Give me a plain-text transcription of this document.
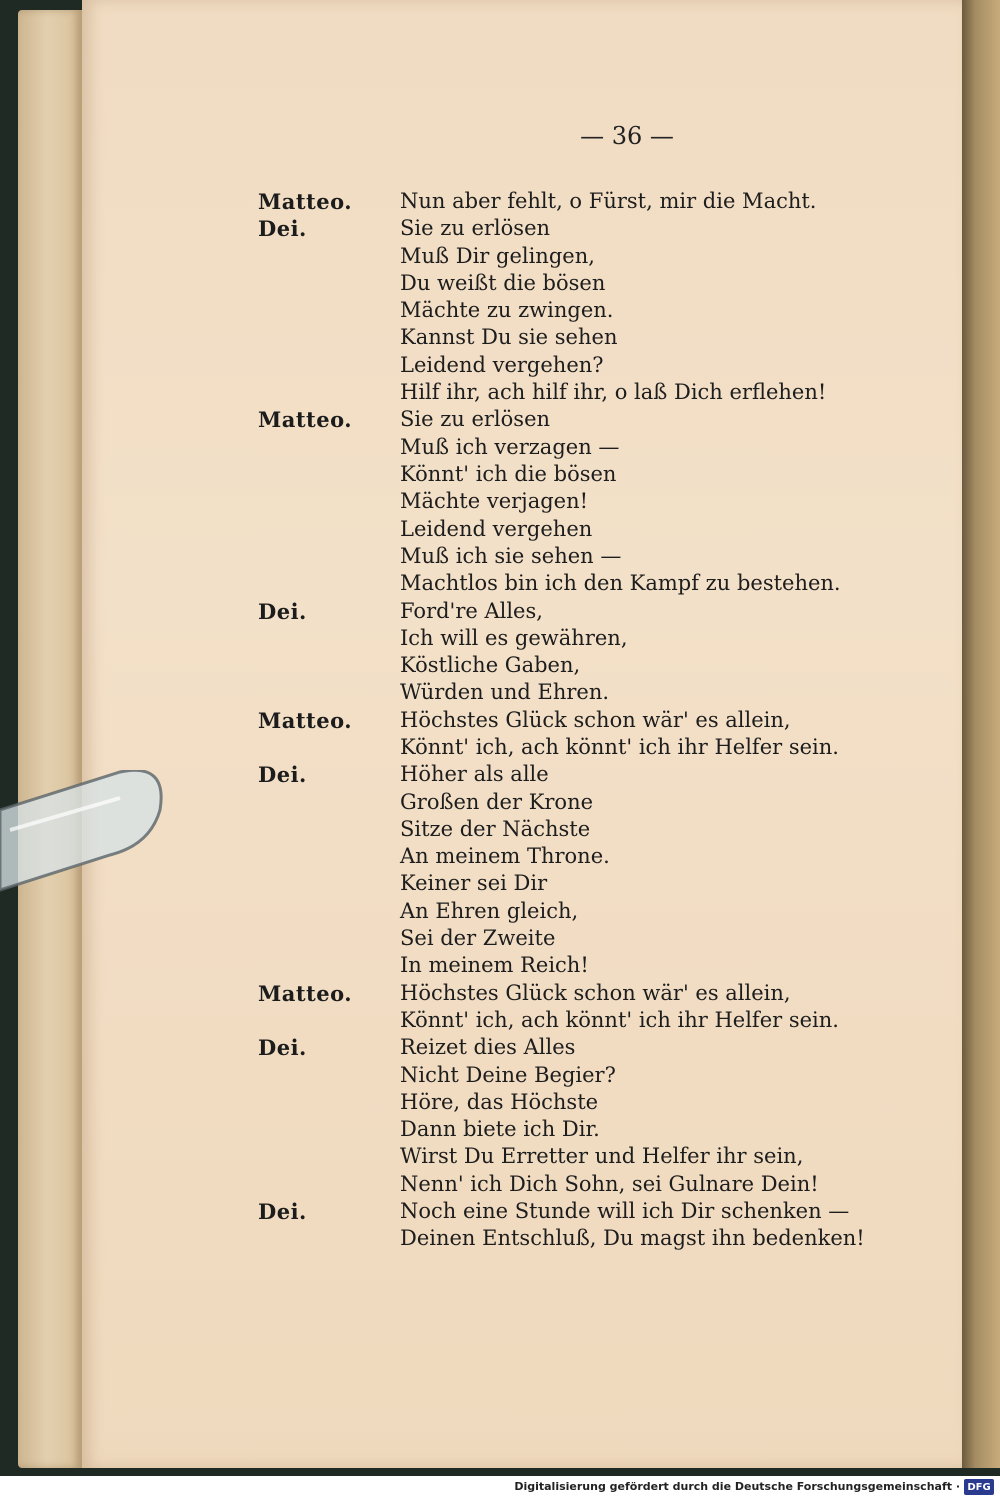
— 36 —
Matteo. Nun aber fehlt, o Fürst, mir die Macht.
Dei.	Sie zu erlösen
Muß Dir gelingen,
Du weißt die bösen
Mächte zu zwingen.
Kannst Du sie sehen
Leidend vergehen?
Hilf ihr, ach hilf ihr, o laß Dich erflehen!
Matteo. Sie zu erlösen
Muß ich verzagen —
Könnt' ich die bösen
Mächte verjagen!
Leidend vergehen
Muß ich sie sehen —
Machtlos bin ich den Kampf zu bestehen.
Dei.	Ford're Alles,
Ich will es gewähren,
Köstliche Gaben,
Würden und Ehren.
Matteo. Höchstes Glück schon wär' es allein,
Könnt' ich, ach könnt' ich ihr Helfer sein.
Dei.	Höher als alle
Großen der Krone
Sitze der Nächste
An meinem Throne.
Keiner sei Dir
An Ehren gleich,
Sei der Zweite
In meinem Reich!
Matteo. Höchstes Glück schon wär' es allein,
Könnt' ich, ach könnt' ich ihr Helfer sein.
Dei.	Reizet dies Alles
Nicht Deine Begier?
Höre, das Höchste
Dann biete ich Dir.
Wirst Du Erretter und Helfer ihr sein,
Nenn' ich Dich Sohn, sei Gulnare Dein!
Dei.	Noch eine Stunde will ich Dir schenken —
Deinen Entschluß, Du magst ihn bedenken!
Digitalisierung gefördert durch die Deutsche Forschungsgemeinschaft · DFG
